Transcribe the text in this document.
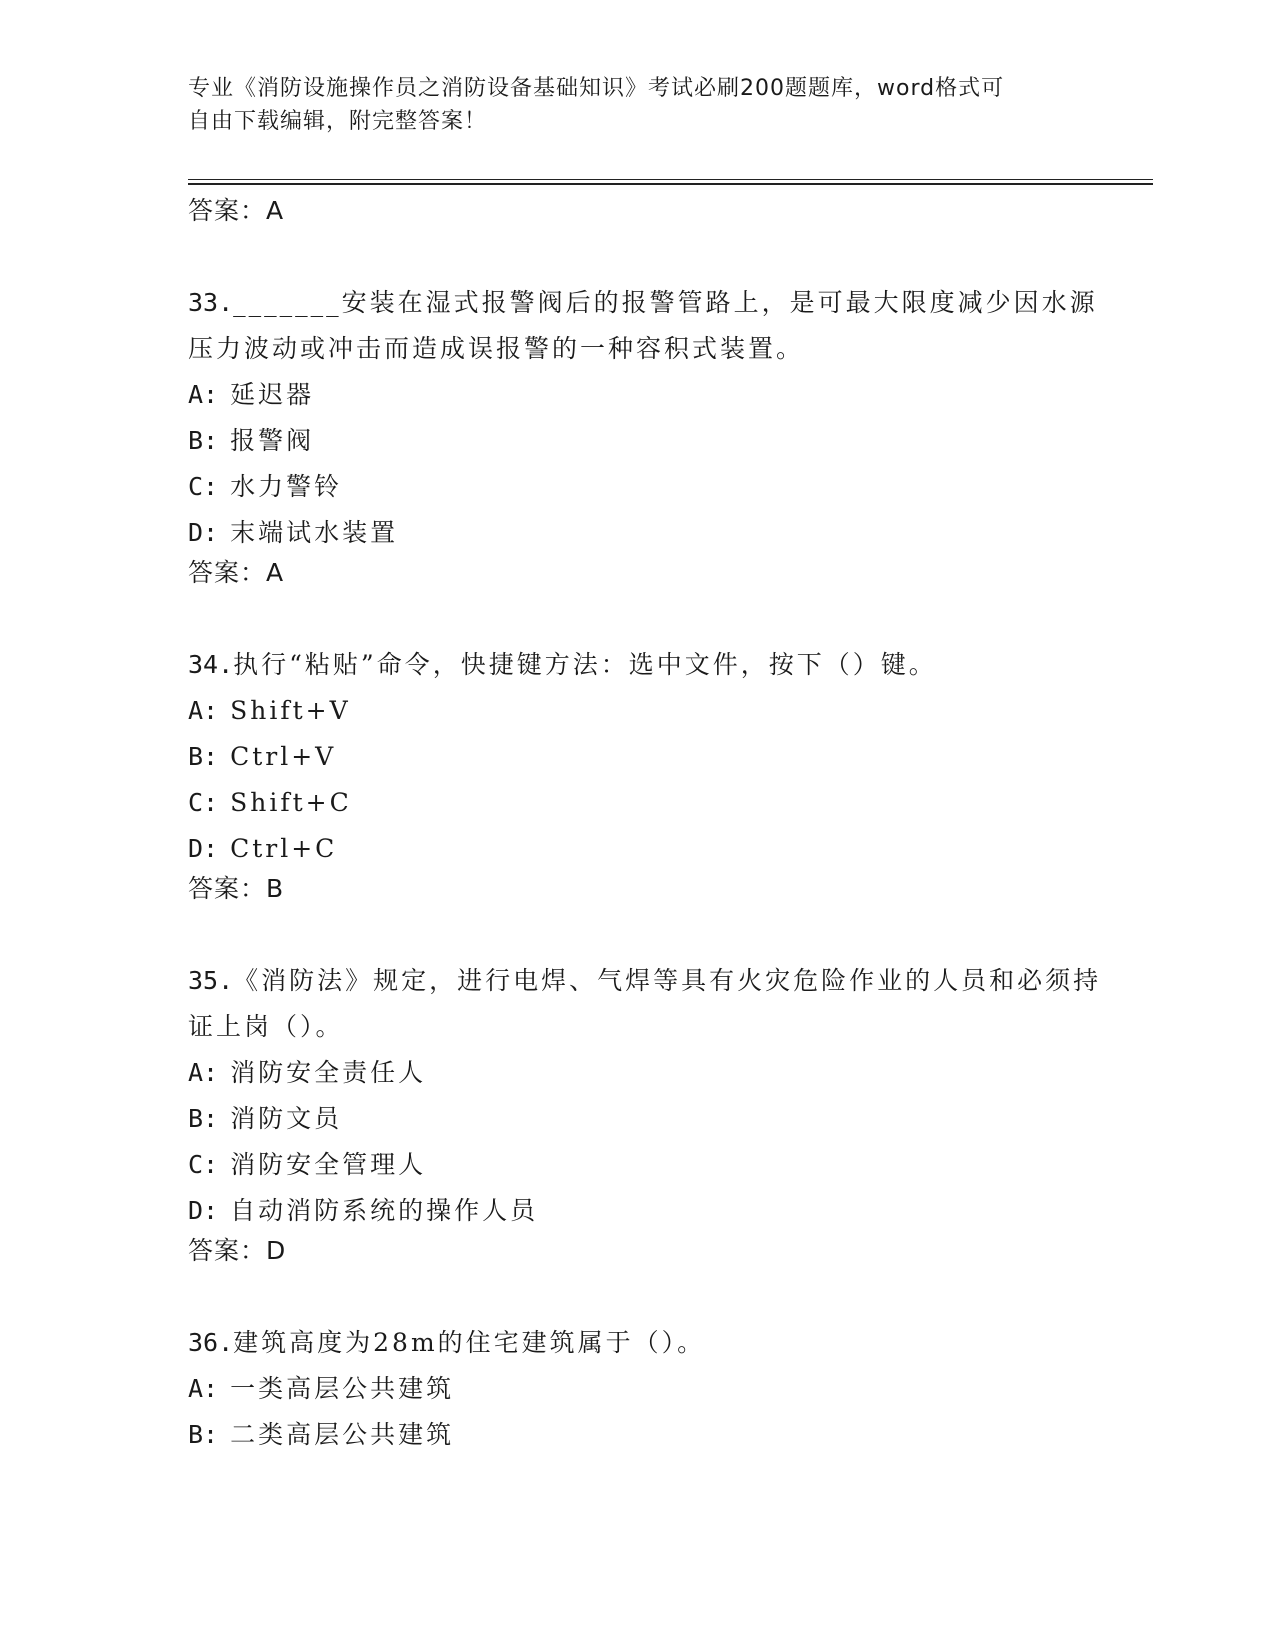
专业《消防设施操作员之消防设备基础知识》考试必刷200题题库，word格式可
自由下载编辑，附完整答案！
答案：A
33._______安装在湿式报警阀后的报警管路上，是可最大限度减少因水源压力波动或冲击而造成误报警的一种容积式装置。
A: 延迟器
B: 报警阀
C: 水力警铃
D: 末端试水装置
答案：A
34.执行“粘贴”命令，快捷键方法：选中文件，按下（）键。
A: Shift+V
B: Ctrl+V
C: Shift+C
D: Ctrl+C
答案：B
35.《消防法》规定，进行电焊、气焊等具有火灾危险作业的人员和必须持证上岗（）。
A: 消防安全责任人
B: 消防文员
C: 消防安全管理人
D: 自动消防系统的操作人员
答案：D
36.建筑高度为28m的住宅建筑属于（）。
A: 一类高层公共建筑
B: 二类高层公共建筑
